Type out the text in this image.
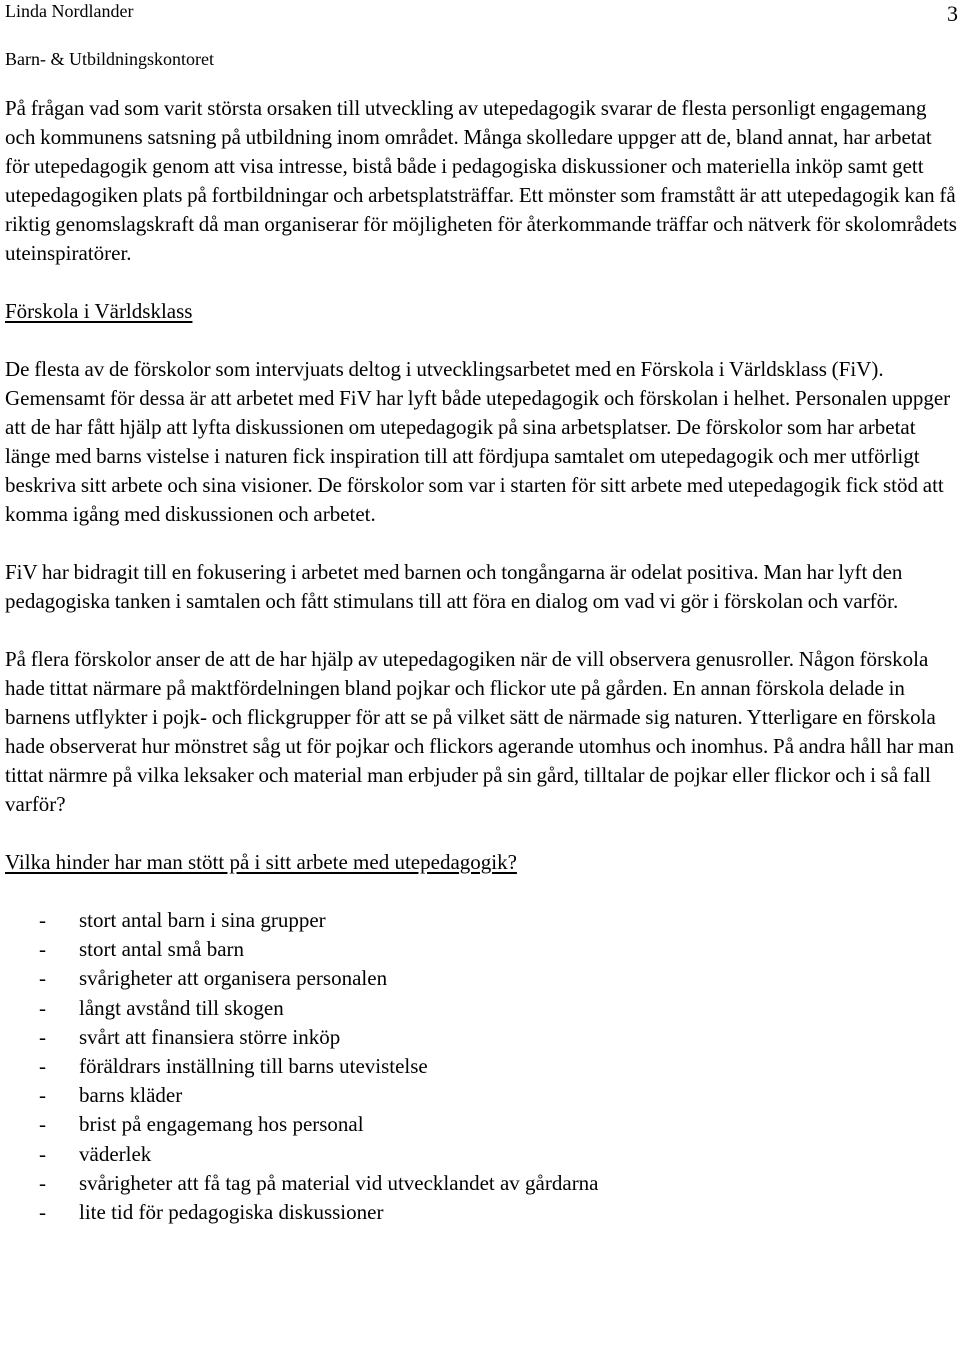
Linda Nordlander
Barn- & Utbildningskontoret
3

På frågan vad som varit största orsaken till utveckling av utepedagogik svarar de flesta personligt engagemang och kommunens satsning på utbildning inom området. Många skolledare uppger att de, bland annat, har arbetat för utepedagogik genom att visa intresse, bistå både i pedagogiska diskussioner och materiella inköp samt gett utepedagogiken plats på fortbildningar och arbetsplatsträffar. Ett mönster som framstått är att utepedagogik kan få riktig genomslagskraft då man organiserar för möjligheten för återkommande träffar och nätverk för skolområdets uteinspiratörer.

Förskola i Världsklass

De flesta av de förskolor som intervjuats deltog i utvecklingsarbetet med en Förskola i Världsklass (FiV). Gemensamt för dessa är att arbetet med FiV har lyft både utepedagogik och förskolan i helhet. Personalen uppger att de har fått hjälp att lyfta diskussionen om utepedagogik på sina arbetsplatser. De förskolor som har arbetat länge med barns vistelse i naturen fick inspiration till att fördjupa samtalet om utepedagogik och mer utförligt beskriva sitt arbete och sina visioner. De förskolor som var i starten för sitt arbete med utepedagogik fick stöd att komma igång med diskussionen och arbetet.

FiV har bidragit till en fokusering i arbetet med barnen och tongångarna är odelat positiva. Man har lyft den pedagogiska tanken i samtalen och fått stimulans till att föra en dialog om vad vi gör i förskolan och varför.

På flera förskolor anser de att de har hjälp av utepedagogiken när de vill observera genusroller. Någon förskola hade tittat närmare på maktfördelningen bland pojkar och flickor ute på gården. En annan förskola delade in barnens utflykter i pojk- och flickgrupper för att se på vilket sätt de närmade sig naturen. Ytterligare en förskola hade observerat hur mönstret såg ut för pojkar och flickors agerande utomhus och inomhus. På andra håll har man tittat närmre på vilka leksaker och material man erbjuder på sin gård, tilltalar de pojkar eller flickor och i så fall varför?

Vilka hinder har man stött på i sitt arbete med utepedagogik?

- stort antal barn i sina grupper
- stort antal små barn
- svårigheter att organisera personalen
- långt avstånd till skogen
- svårt att finansiera större inköp
- föräldrars inställning till barns utevistelse
- barns kläder
- brist på engagemang hos personal
- väderlek
- svårigheter att få tag på material vid utvecklandet av gårdarna
- lite tid för pedagogiska diskussioner
